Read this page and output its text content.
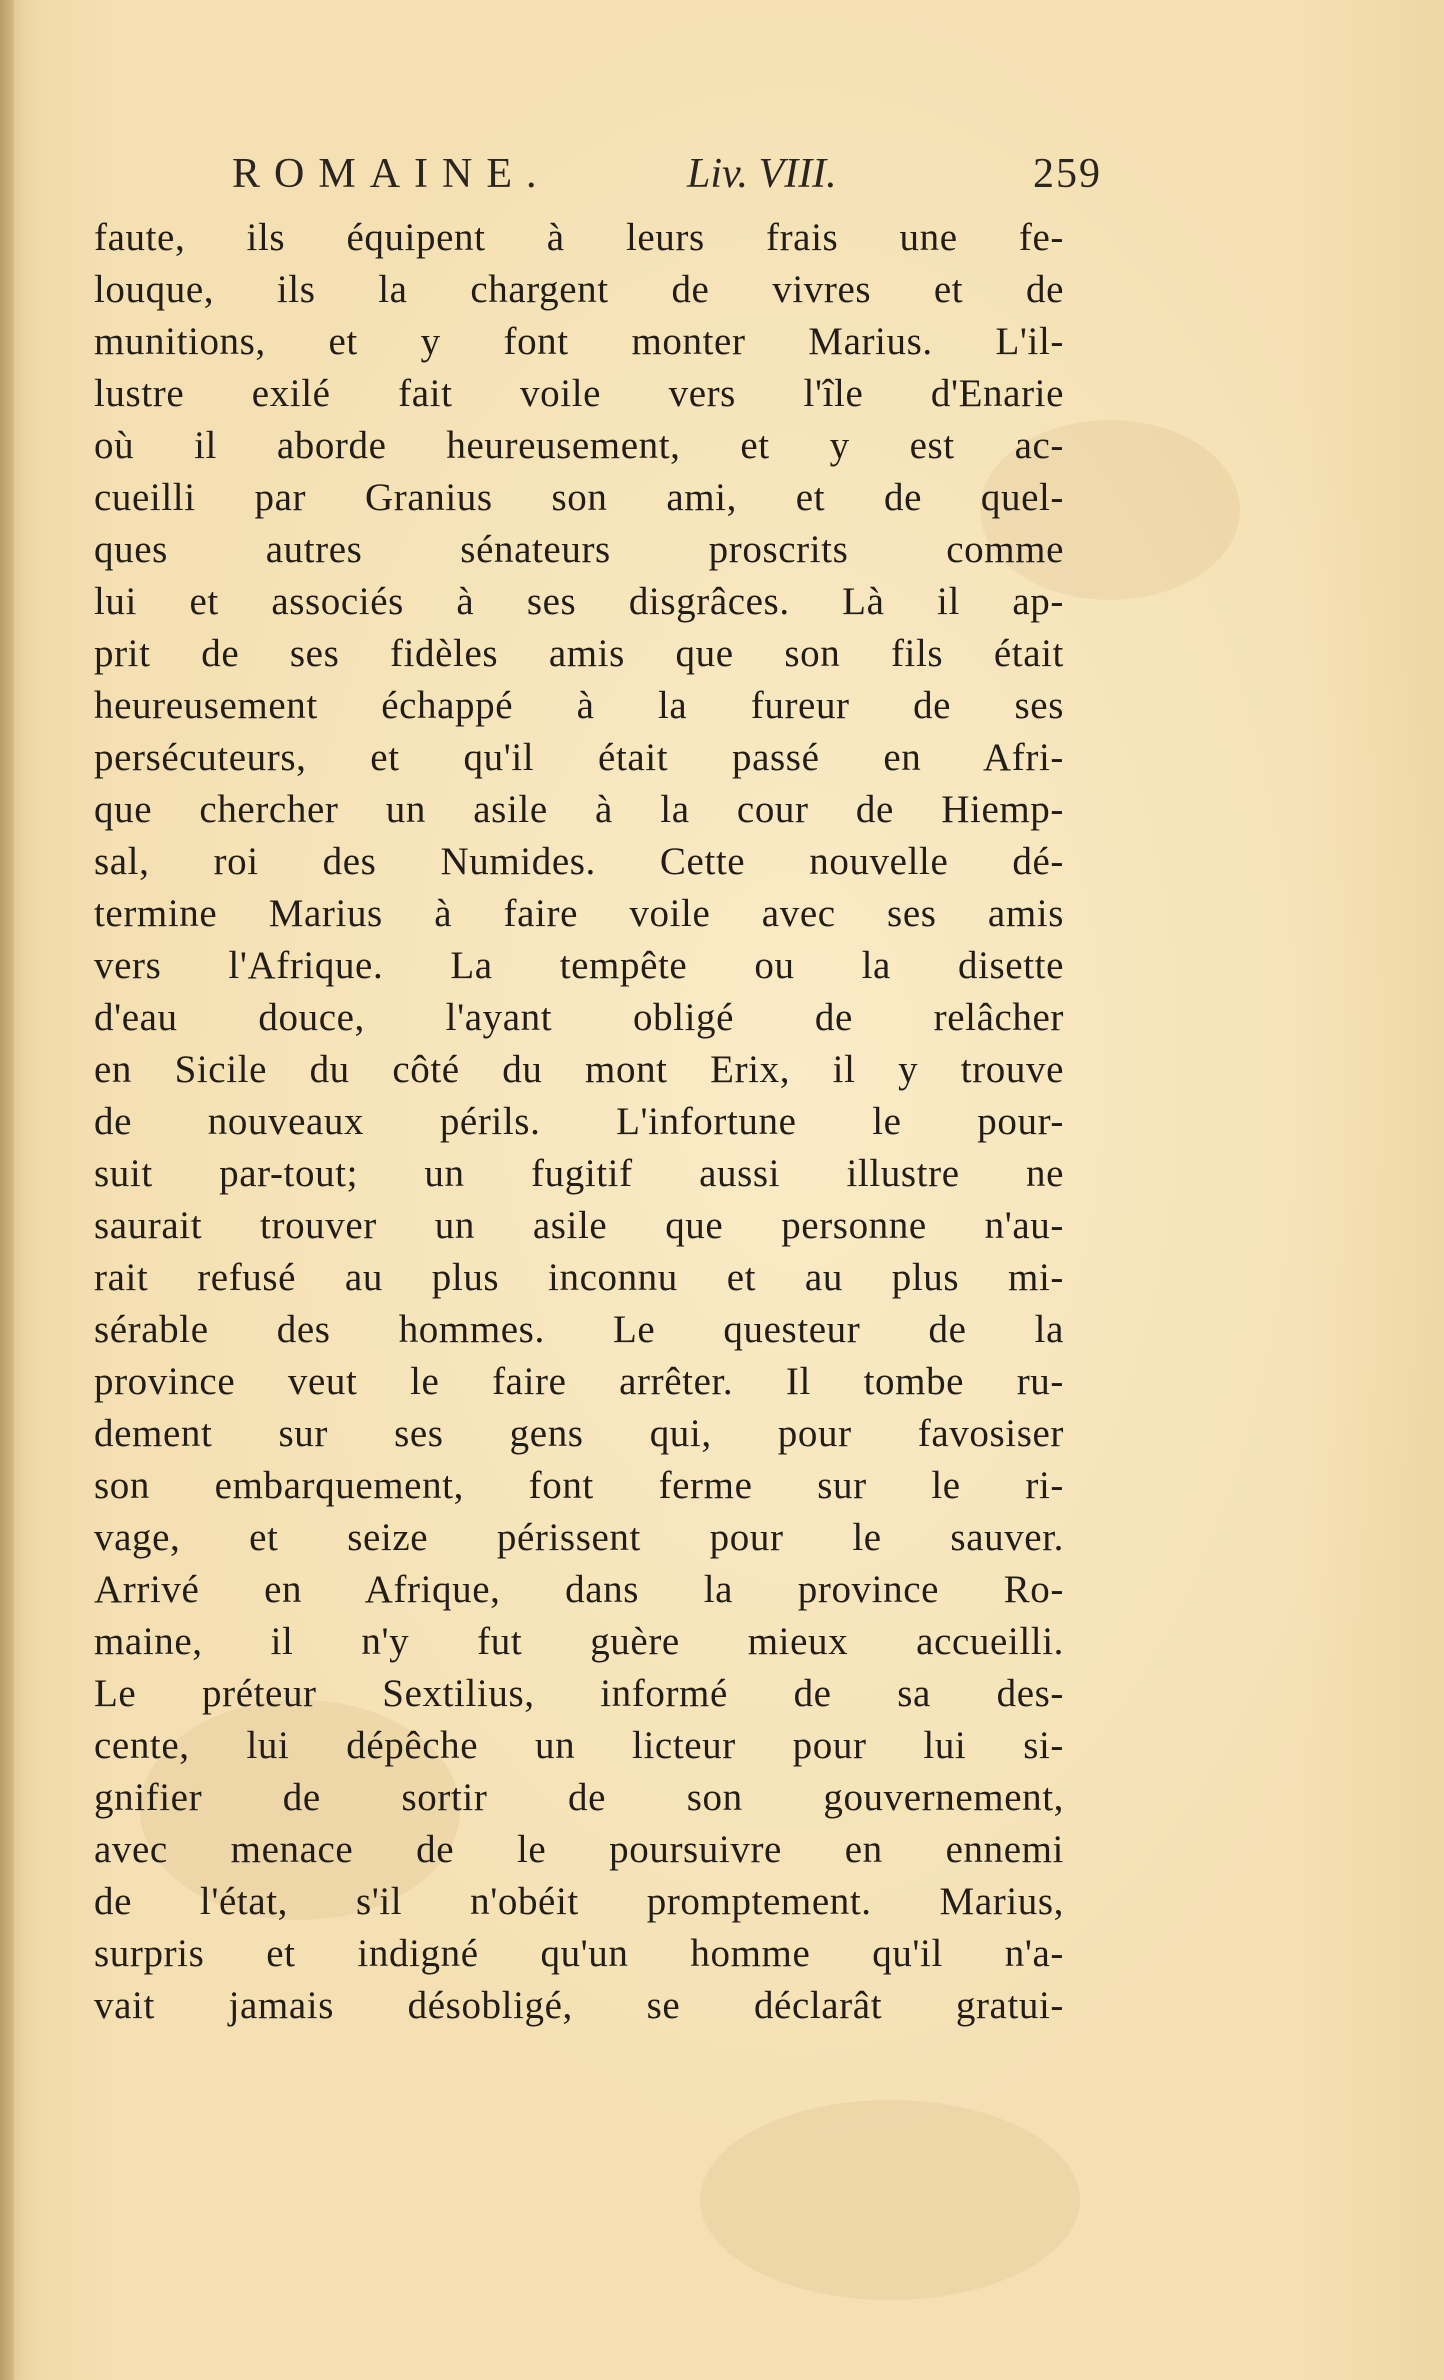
ROMAINE.	Liv. VIII.	259
faute, ils équipent à leurs frais une fe-
louque, ils la chargent de vivres et de
munitions, et y font monter Marius. L'il-
lustre exilé fait voile vers l'île d'Enarie
où il aborde heureusement, et y est ac-
cueilli par Granius son ami, et de quel-
ques autres sénateurs proscrits comme
lui et associés à ses disgrâces. Là il ap-
prit de ses fidèles amis que son fils était
heureusement échappé à la fureur de ses
persécuteurs, et qu'il était passé en Afri-
que chercher un asile à la cour de Hiemp-
sal, roi des Numides. Cette nouvelle dé-
termine Marius à faire voile avec ses amis
vers l'Afrique. La tempête ou la disette
d'eau douce, l'ayant obligé de relâcher
en Sicile du côté du mont Erix, il y trouve
de nouveaux périls. L'infortune le pour-
suit par-tout; un fugitif aussi illustre ne
saurait trouver un asile que personne n'au-
rait refusé au plus inconnu et au plus mi-
sérable des hommes. Le questeur de la
province veut le faire arrêter. Il tombe ru-
dement sur ses gens qui, pour favosiser
son embarquement, font ferme sur le ri-
vage, et seize périssent pour le sauver.
Arrivé en Afrique, dans la province Ro-
maine, il n'y fut guère mieux accueilli.
Le préteur Sextilius, informé de sa des-
cente, lui dépêche un licteur pour lui si-
gnifier de sortir de son gouvernement,
avec menace de le poursuivre en ennemi
de l'état, s'il n'obéit promptement. Marius,
surpris et indigné qu'un homme qu'il n'a-
vait jamais désobligé, se déclarât gratui-
